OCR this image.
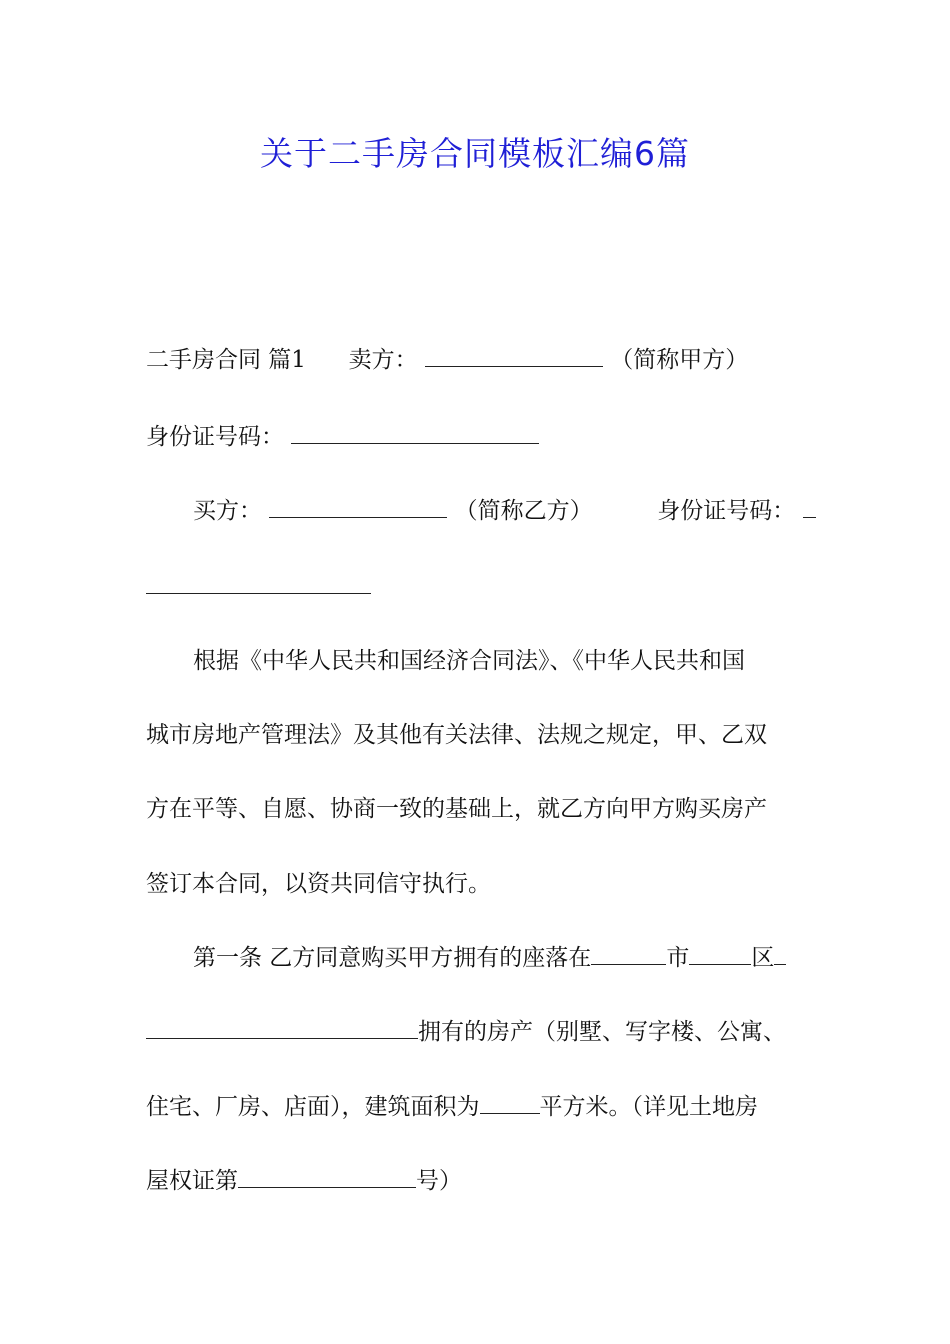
关于二手房合同模板汇编6篇
二手房合同 篇1 卖方：	（简称甲方）
身份证号码：
买方：	（简称乙方）	身份证号码：
根据《中华人民共和国经济合同法》、《中华人民共和国
城市房地产管理法》及其他有关法律、法规之规定，甲、乙双
方在平等、自愿、协商一致的基础上，就乙方向甲方购买房产
签订本合同，以资共同信守执行。
第一条 乙方同意购买甲方拥有的座落在	市	区
拥有的房产（别墅、写字楼、公寓、
住宅、厂房、店面），建筑面积为	平方米。（详见土地房
屋权证第	号）
